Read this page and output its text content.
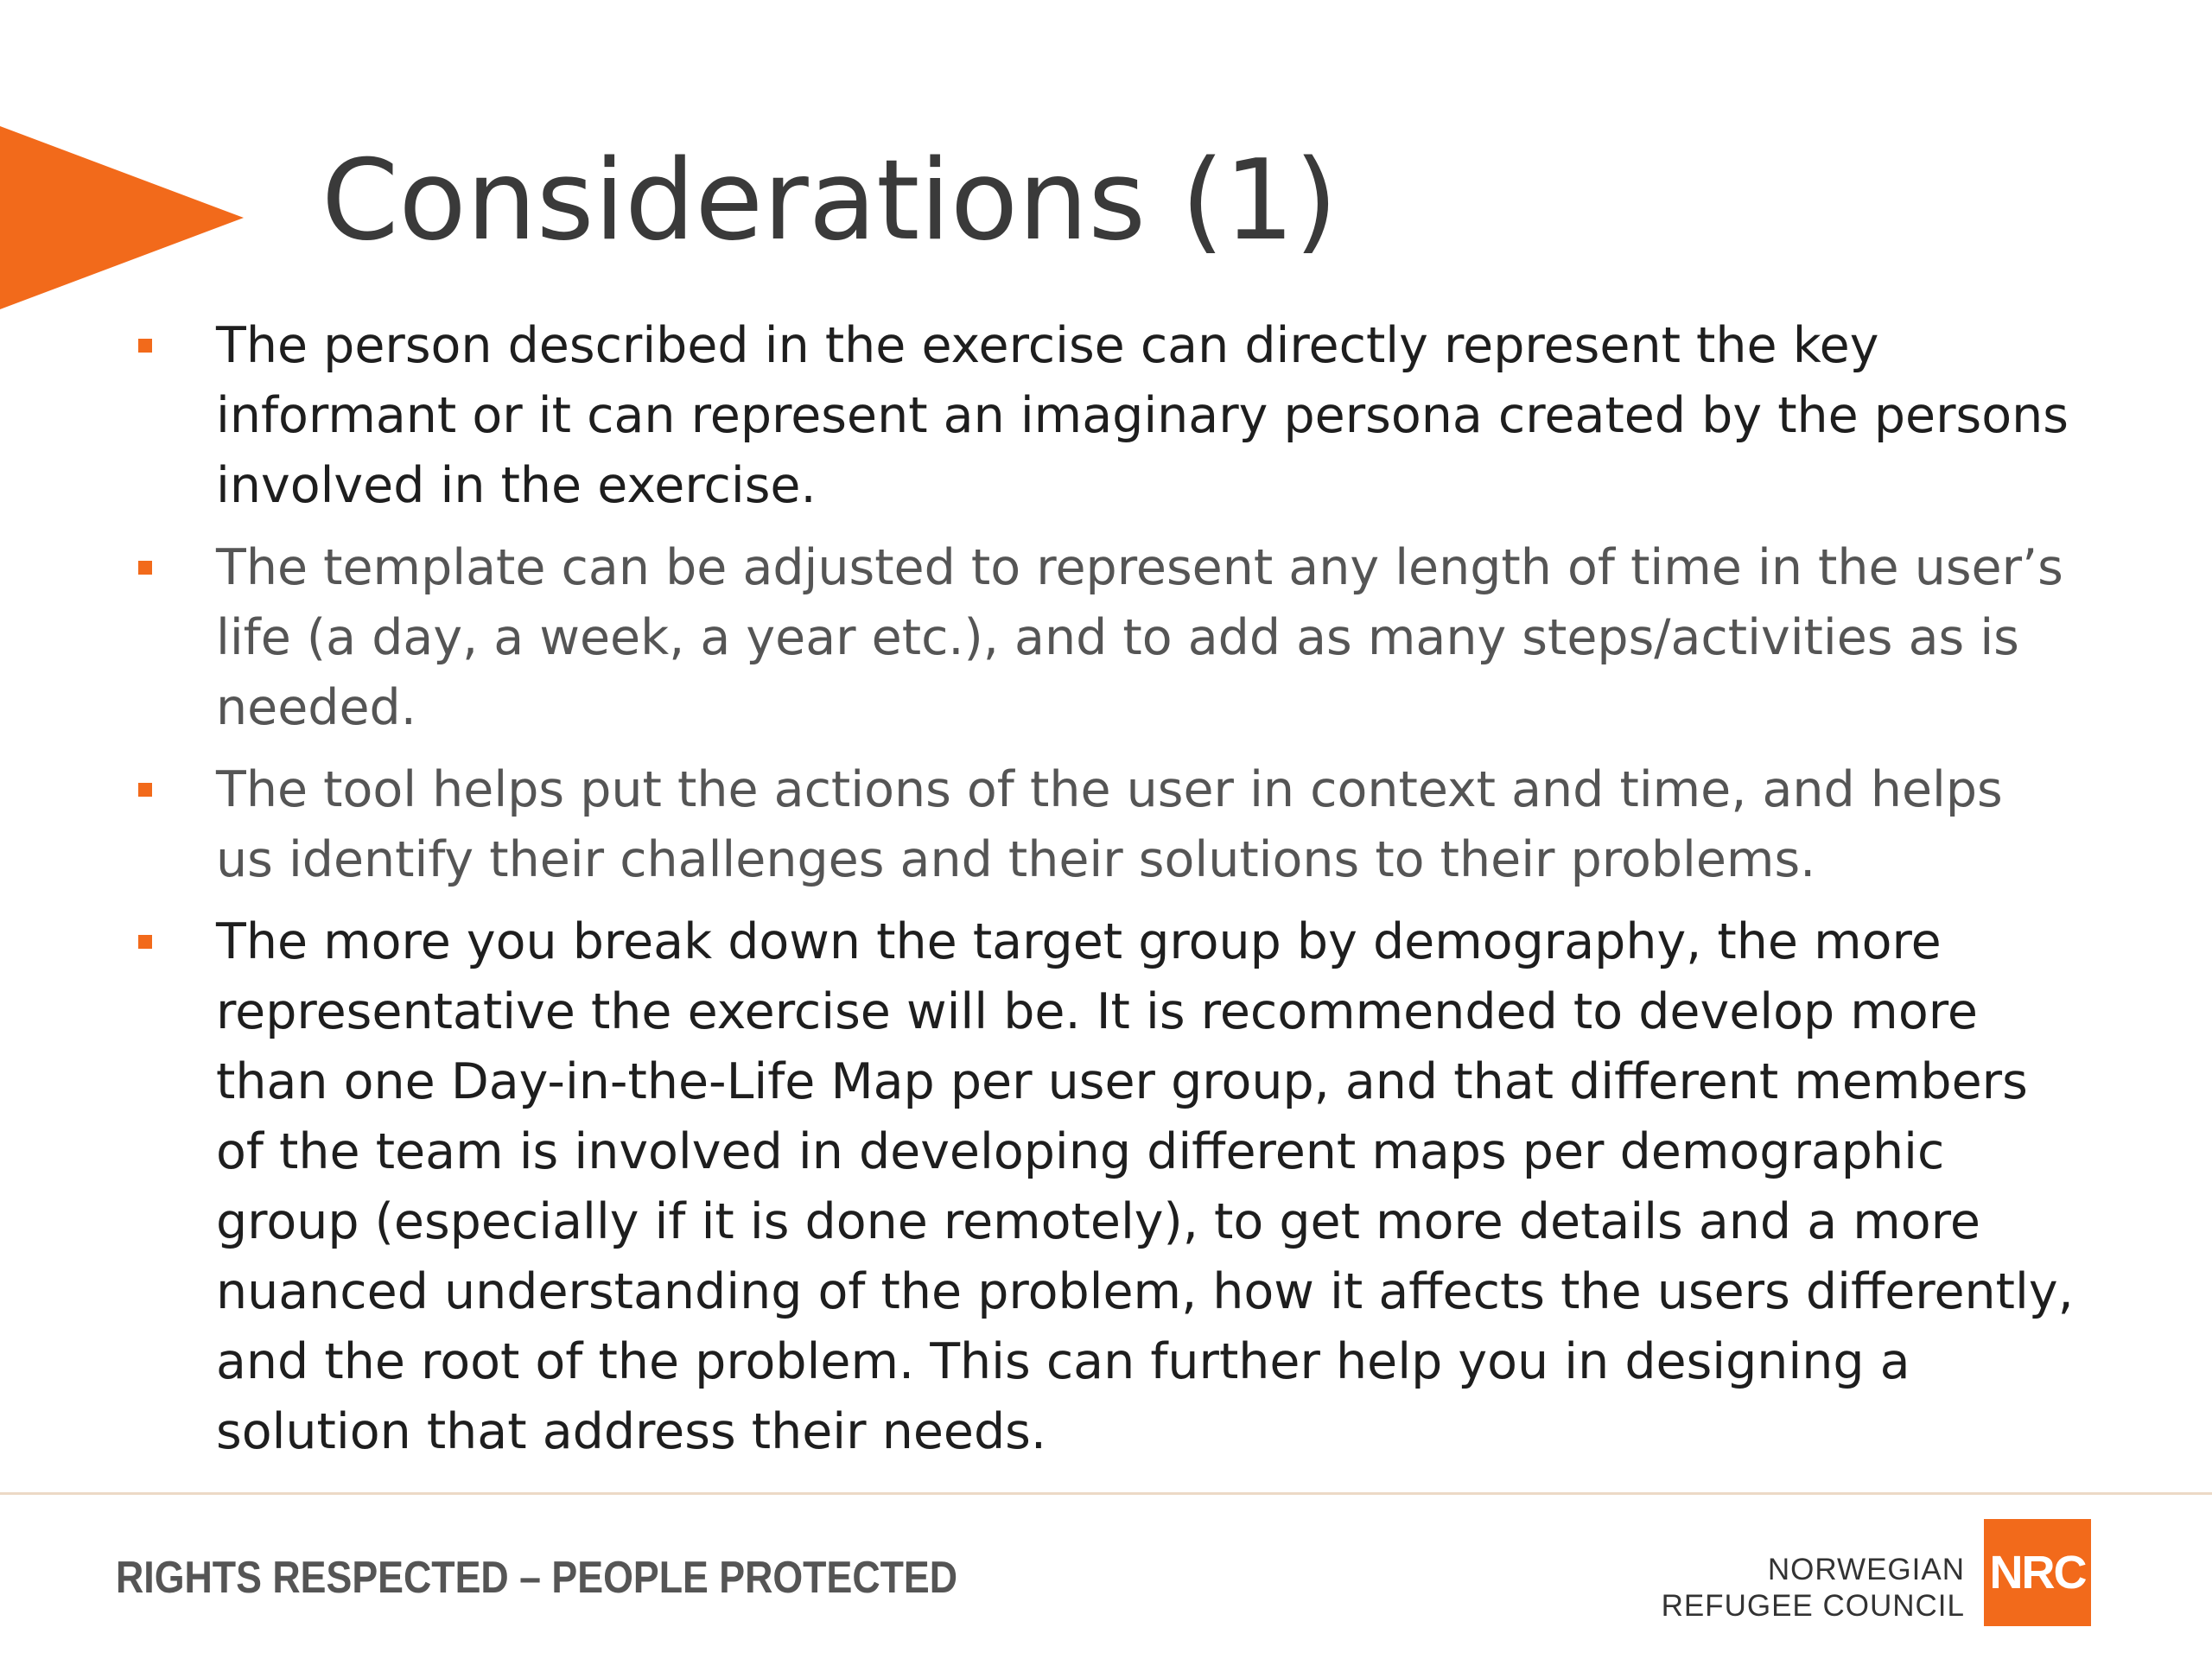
Considerations (1)
The person described in the exercise can directly represent the key informant or it can represent an imaginary persona created by the persons involved in the exercise.
The template can be adjusted to represent any length of time in the user’s life (a day, a week, a year etc.), and to add as many steps/activities as is needed.
The tool helps put the actions of the user in context and time, and helps us identify their challenges and their solutions to their problems.
The more you break down the target group by demography, the more representative the exercise will be. It is recommended to develop more than one Day-in-the-Life Map per user group, and that different members of the team is involved in developing different maps per demographic group (especially if it is done remotely), to get more details and a more nuanced understanding of the problem, how it affects the users differently, and the root of the problem. This can further help you in designing a solution that address their needs.

RIGHTS RESPECTED – PEOPLE PROTECTED	NORWEGIAN
REFUGEE COUNCIL
NRC
